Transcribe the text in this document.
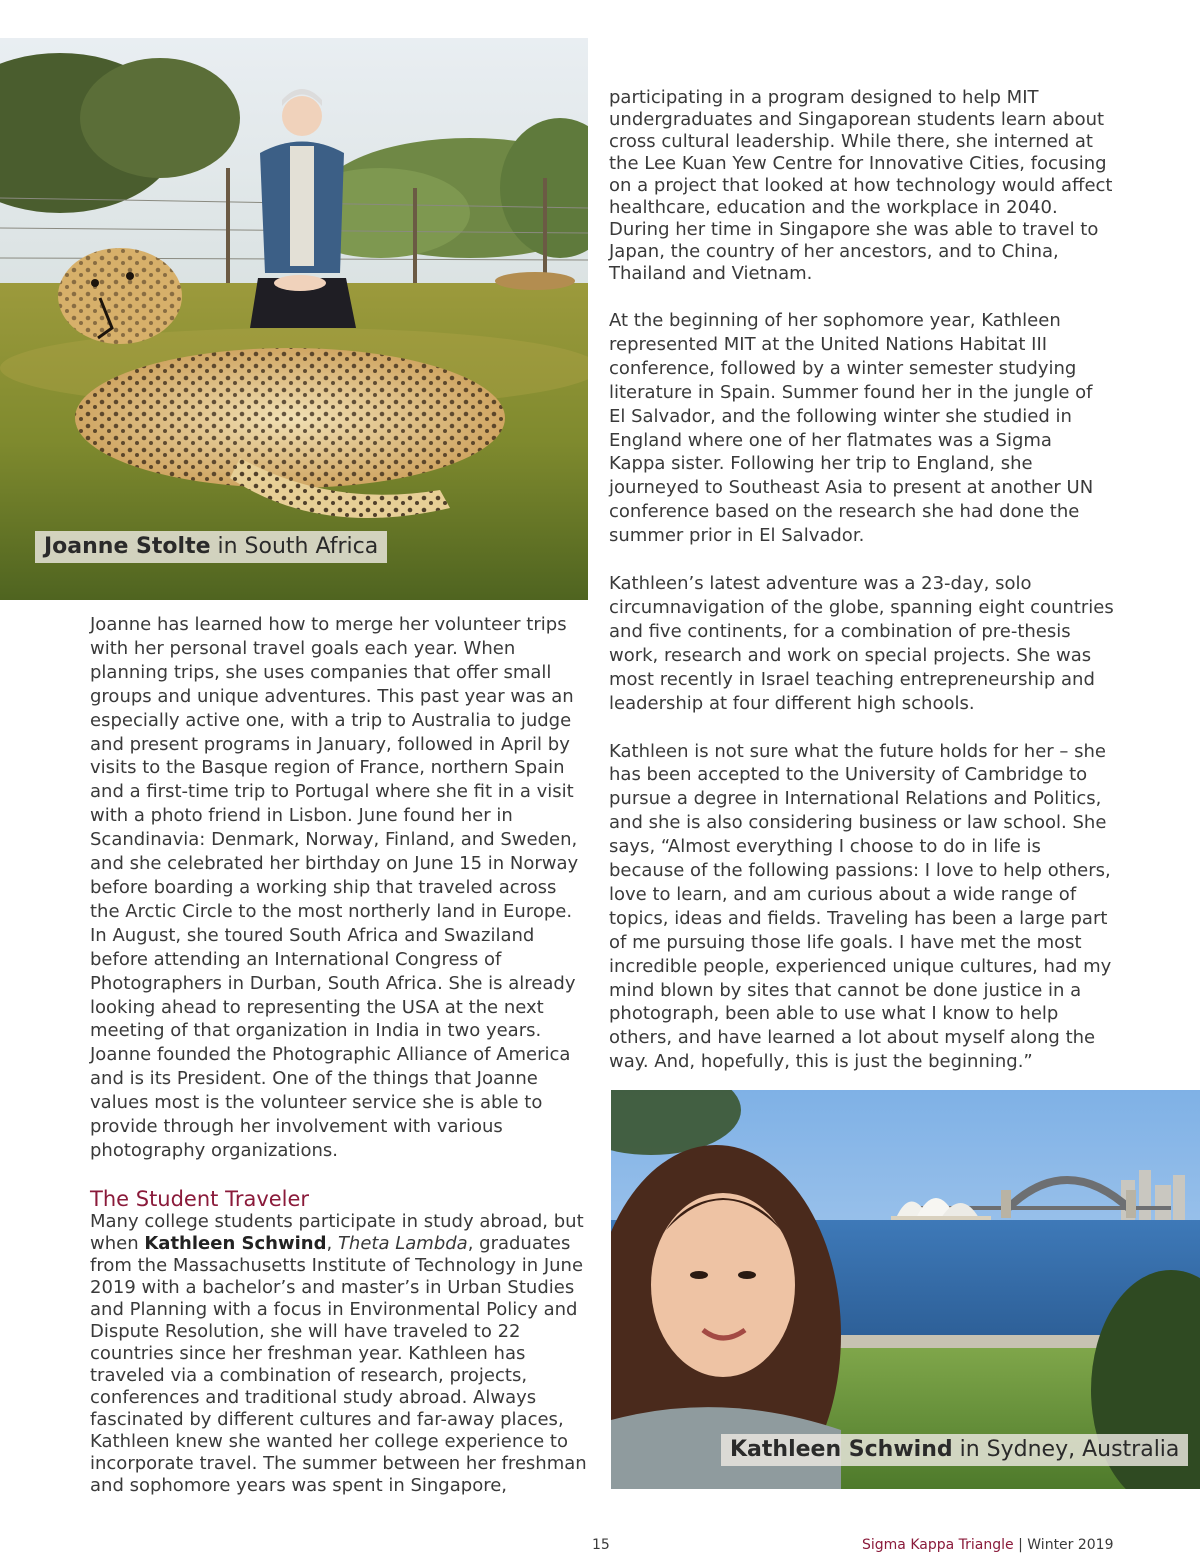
Joanne Stolte in South Africa

Joanne has learned how to merge her volunteer trips with her personal travel goals each year. When planning trips, she uses companies that offer small groups and unique adventures. This past year was an especially active one, with a trip to Australia to judge and present programs in January, followed in April by visits to the Basque region of France, northern Spain and a first-time trip to Portugal where she fit in a visit with a photo friend in Lisbon. June found her in Scandinavia: Denmark, Norway, Finland, and Sweden, and she celebrated her birthday on June 15 in Norway before boarding a working ship that traveled across the Arctic Circle to the most northerly land in Europe. In August, she toured South Africa and Swaziland before attending an International Congress of Photographers in Durban, South Africa. She is already looking ahead to representing the USA at the next meeting of that organization in India in two years. Joanne founded the Photographic Alliance of America and is its President. One of the things that Joanne values most is the volunteer service she is able to provide through her involvement with various photography organizations.

The Student Traveler

Many college students participate in study abroad, but when Kathleen Schwind, Theta Lambda, graduates from the Massachusetts Institute of Technology in June 2019 with a bachelor’s and master’s in Urban Studies and Planning with a focus in Environmental Policy and Dispute Resolution, she will have traveled to 22 countries since her freshman year. Kathleen has traveled via a combination of research, projects, conferences and traditional study abroad. Always fascinated by different cultures and far-away places, Kathleen knew she wanted her college experience to incorporate travel. The summer between her freshman and sophomore years was spent in Singapore,

participating in a program designed to help MIT undergraduates and Singaporean students learn about cross cultural leadership. While there, she interned at the Lee Kuan Yew Centre for Innovative Cities, focusing on a project that looked at how technology would affect healthcare, education and the workplace in 2040. During her time in Singapore she was able to travel to Japan, the country of her ancestors, and to China, Thailand and Vietnam.

At the beginning of her sophomore year, Kathleen represented MIT at the United Nations Habitat III conference, followed by a winter semester studying literature in Spain. Summer found her in the jungle of El Salvador, and the following winter she studied in England where one of her flatmates was a Sigma Kappa sister. Following her trip to England, she journeyed to Southeast Asia to present at another UN conference based on the research she had done the summer prior in El Salvador.

Kathleen’s latest adventure was a 23-day, solo circumnavigation of the globe, spanning eight countries and five continents, for a combination of pre-thesis work, research and work on special projects. She was most recently in Israel teaching entrepreneurship and leadership at four different high schools.

Kathleen is not sure what the future holds for her – she has been accepted to the University of Cambridge to pursue a degree in International Relations and Politics, and she is also considering business or law school. She says, “Almost everything I choose to do in life is because of the following passions: I love to help others, love to learn, and am curious about a wide range of topics, ideas and fields. Traveling has been a large part of me pursuing those life goals. I have met the most incredible people, experienced unique cultures, had my mind blown by sites that cannot be done justice in a photograph, been able to use what I know to help others, and have learned a lot about myself along the way. And, hopefully, this is just the beginning.”

Kathleen Schwind in Sydney, Australia
15	Sigma Kappa Triangle | Winter 2019
